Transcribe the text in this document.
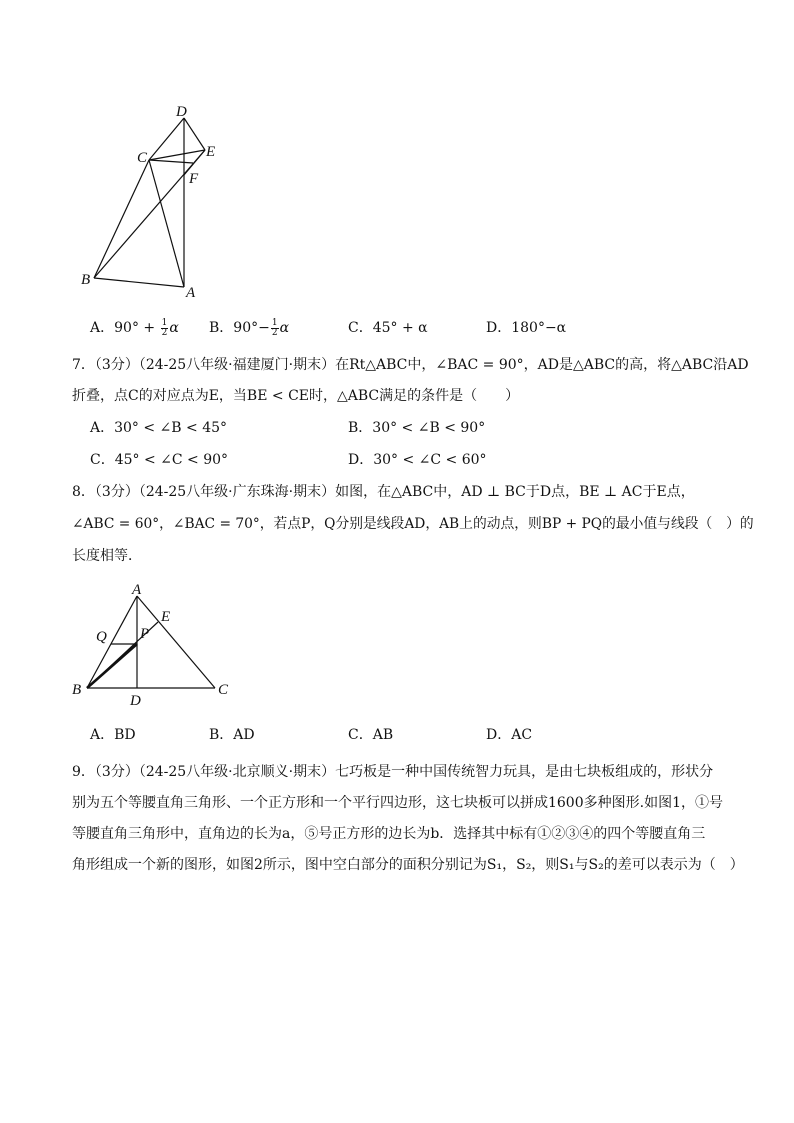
D
E
C
F
B
A
A．$90^\circ + \frac{1}{2}$ α B．$90^\circ- \frac{1}{2}$ α	C．45° + α	D．180°−α
7．（3分）（24-25八年级·福建厦门·期末）在Rt△ABC中，∠BAC = 90°，AD是△ABC的高，将△ABC沿AD
折叠，点C的对应点为E，当BE < CE时，△ABC满足的条件是（　　）
A．30° < ∠B < 45°	B．30° < ∠B < 90°
C．45° < ∠C < 90°	D．30° < ∠C < 60°
8．（3分）（24-25八年级·广东珠海·期末）如图，在△ABC中，AD ⊥ BC于D点，BE ⊥ AC于E点，
∠ABC = 60°，∠BAC = 70°，若点P，Q分别是线段AD，AB上的动点，则BP + PQ的最小值与线段（　）的
长度相等．
A
E
Q P
B
D
C
A．BD	B．AD	C．AB	D．AC
9．（3分）（24-25八年级·北京顺义·期末）七巧板是一种中国传统智力玩具，是由七块板组成的，形状分
别为五个等腰直角三角形、一个正方形和一个平行四边形，这七块板可以拼成1600多种图形.如图1，①号
等腰直角三角形中，直角边的长为a，⑤号正方形的边长为b．选择其中标有①②③④的四个等腰直角三
角形组成一个新的图形，如图2所示，图中空白部分的面积分别记为S₁，S₂，则S₁与S₂的差可以表示为（　）
